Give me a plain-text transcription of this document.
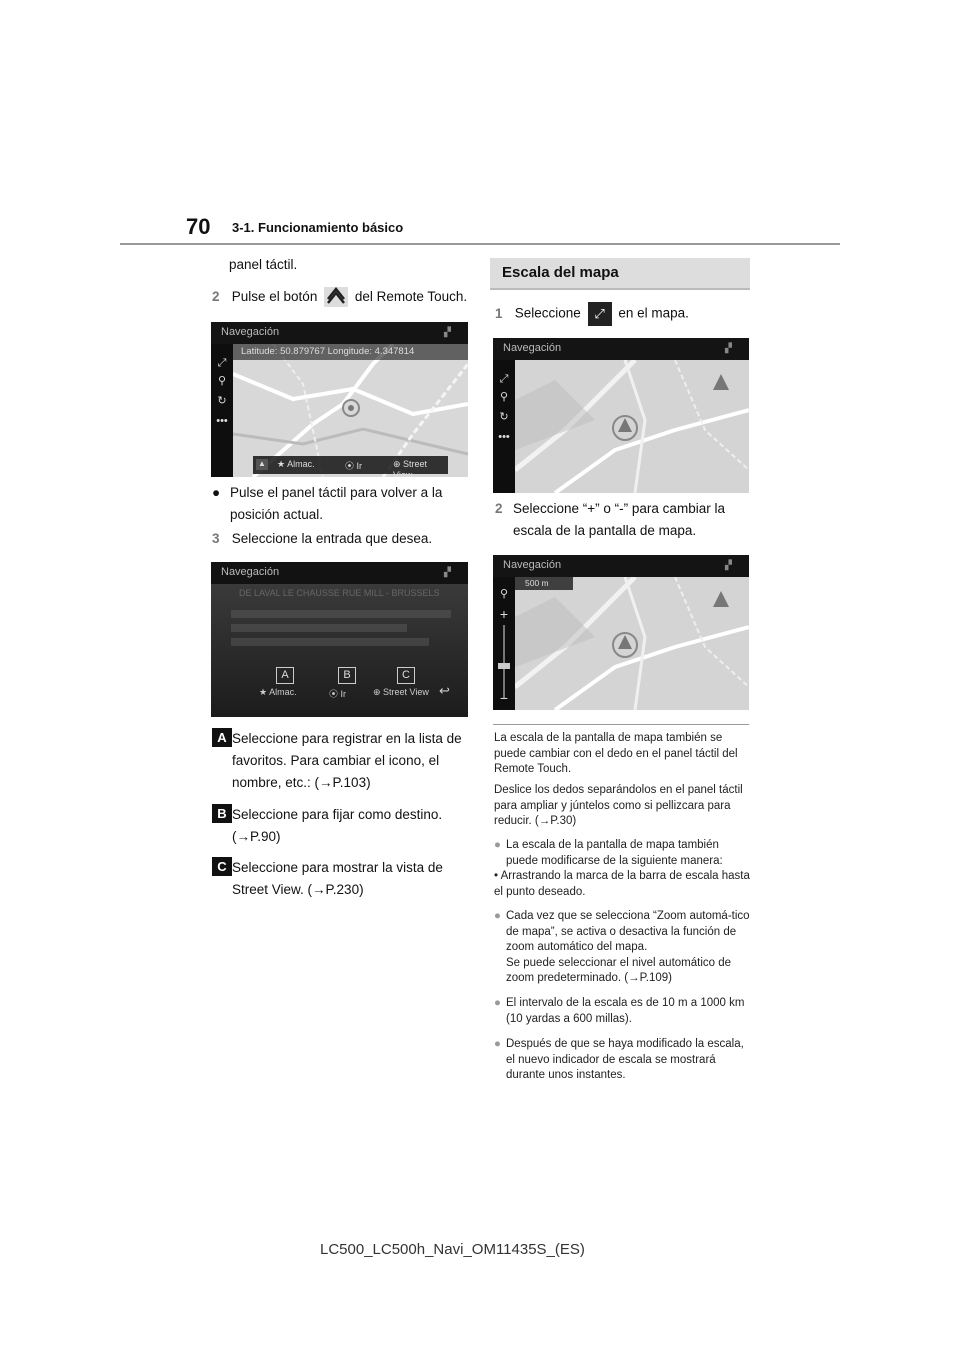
70 3-1. Funcionamiento básico
panel táctil.
2 Pulse el botón	del Remote Touch.
Navegación	▞
⤢
⚲
↻
•••
Latitude: 50.879767 Longitude: 4.347814
▲ ★ Almac.	⦿ Ir	⊕ Street View
● Pulse el panel táctil para volver a la posición actual.
3 Seleccione la entrada que desea.
Navegación	▞
DE LAVAL LE CHAUSSE RUE MILL - BRUSSELS
A	B	C
★ Almac.	⦿ Ir	⊕ Street View ↩
A Seleccione para registrar en la lista de favoritos. Para cambiar el icono, el nombre, etc.: (→P.103)
B Seleccione para fijar como destino. (→P.90)
C Seleccione para mostrar la vista de Street View. (→P.230)
Escala del mapa
1 Seleccione ⤢ en el mapa.
Navegación	▞
⤢
⚲
↻
•••
2 Seleccione “+” o “-” para cambiar la escala de la pantalla de mapa.
Navegación	▞
⚲
+
−
500 m
La escala de la pantalla de mapa también se puede cambiar con el dedo en el panel táctil del Remote Touch.
Deslice los dedos separándolos en el panel táctil para ampliar y júntelos como si pellizcara para reducir. (→P.30)
● La escala de la pantalla de mapa también puede modificarse de la siguiente manera:
• Arrastrando la marca de la barra de escala hasta el punto deseado.
● Cada vez que se selecciona “Zoom automá-tico de mapa”, se activa o desactiva la función de zoom automático del mapa.
Se puede seleccionar el nivel automático de zoom predeterminado. (→P.109)
● El intervalo de la escala es de 10 m a 1000 km (10 yardas a 600 millas).
● Después de que se haya modificado la escala, el nuevo indicador de escala se mostrará durante unos instantes.
LC500_LC500h_Navi_OM11435S_(ES)
